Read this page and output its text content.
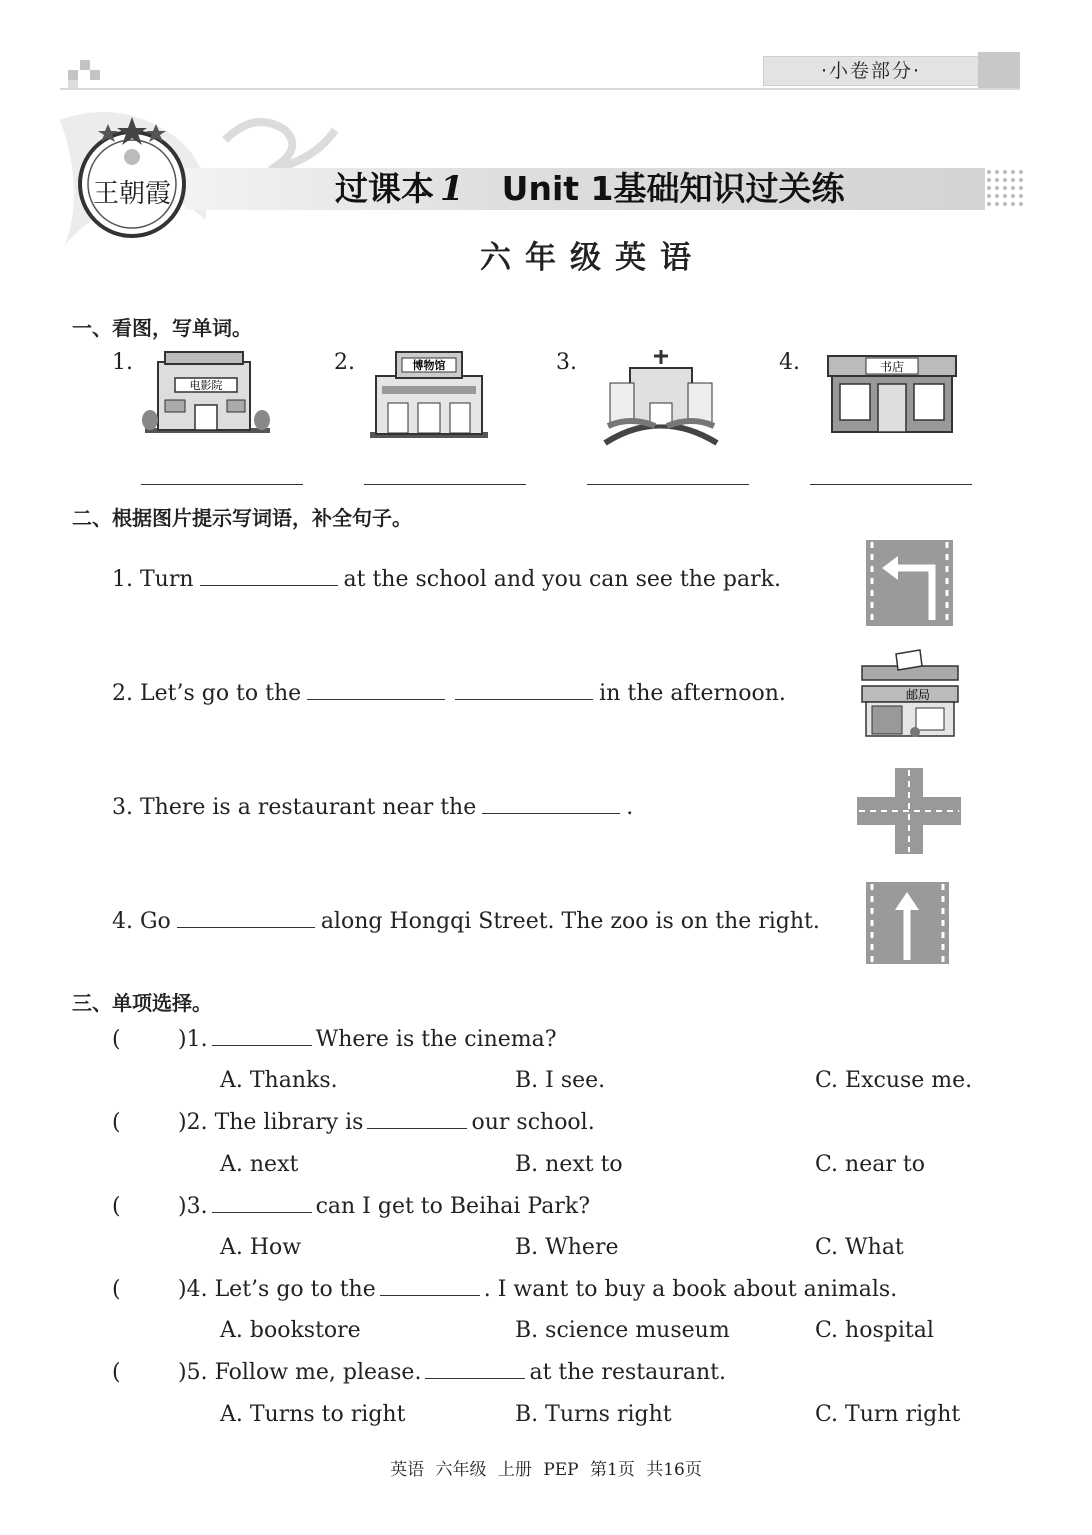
·小卷部分·
王朝霞	过课本 1 Unit 1基础知识过关练
六年级英语
一、看图，写单词。
1.	2.	3.	4.
电影院
博物馆	书店
二、根据图片提示写词语，补全句子。
1. Turn	at the school and you can see the park.
2. Let’s go to the	in the afternoon.	邮局
3. There is a restaurant near the	.
4. Go	along Hongqi Street. The zoo is on the right.
三、单项选择。
(	)1.	Where is the cinema?
A. Thanks.	B. I see.	C. Excuse me.
(	)2. The library is	our school.
A. next	B. next to	C. near to
(	)3.	can I get to Beihai Park?
A. How	B. Where	C. What
(	)4. Let’s go to the	. I want to buy a book about animals.
A. bookstore	B. science museum	C. hospital
(	)5. Follow me, please.	at the restaurant.
A. Turns to right	B. Turns right	C. Turn right
英语 六年级 上册 PEP 第1页 共16页
